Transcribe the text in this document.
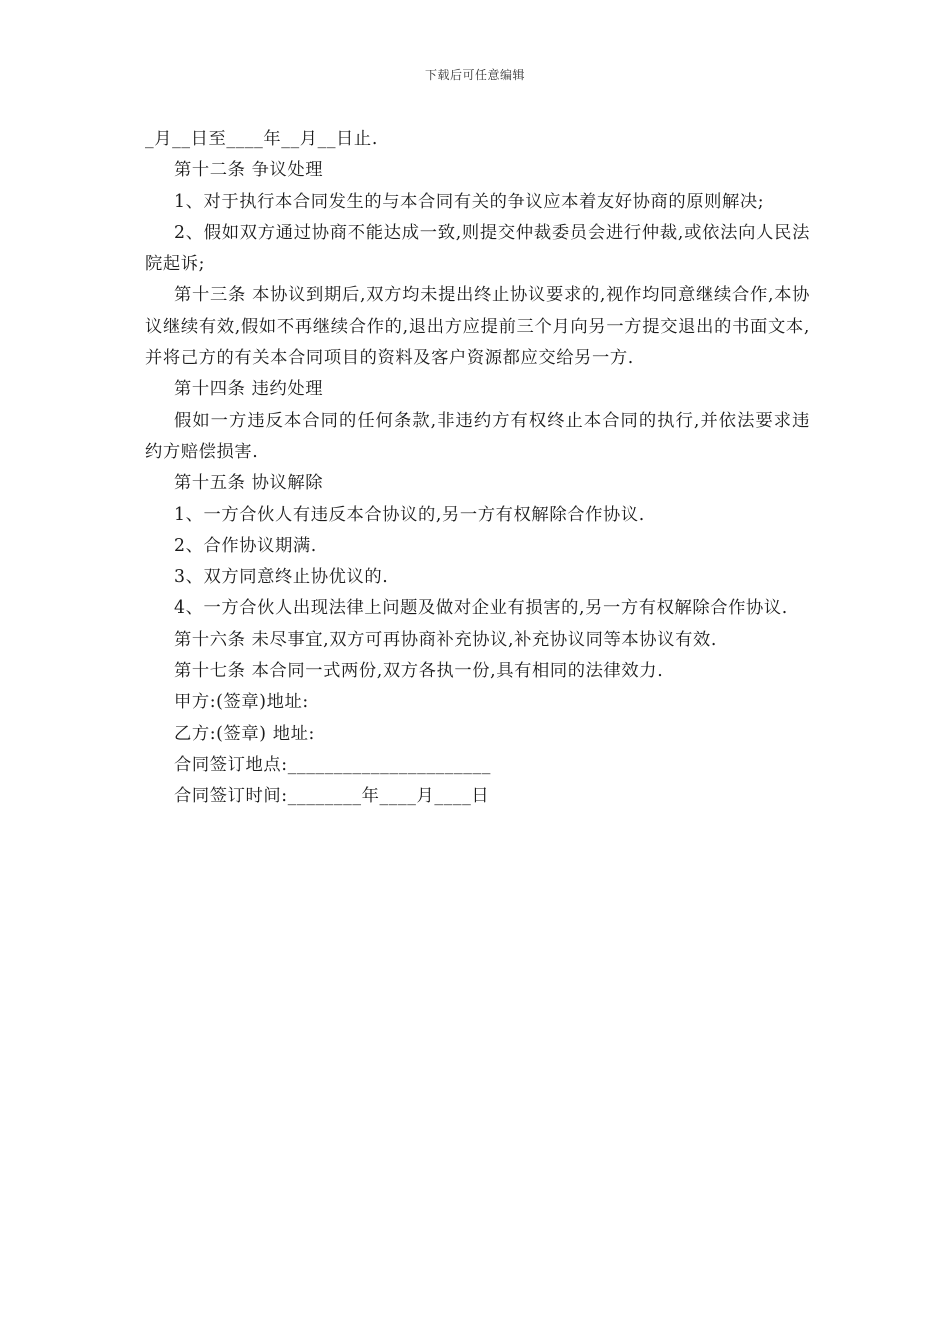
下载后可任意编辑

_月__日至____年__月__日止.

第十二条 争议处理

1、对于执行本合同发生的与本合同有关的争议应本着友好协商的原则解决;

2、假如双方通过协商不能达成一致,则提交仲裁委员会进行仲裁,或依法向人民法院起诉;

第十三条 本协议到期后,双方均未提出终止协议要求的,视作均同意继续合作,本协议继续有效,假如不再继续合作的,退出方应提前三个月向另一方提交退出的书面文本,并将己方的有关本合同项目的资料及客户资源都应交给另一方.

第十四条 违约处理

假如一方违反本合同的任何条款,非违约方有权终止本合同的执行,并依法要求违约方赔偿损害.

第十五条 协议解除

1、一方合伙人有违反本合协议的,另一方有权解除合作协议.

2、合作协议期满.

3、双方同意终止协优议的.

4、一方合伙人出现法律上问题及做对企业有损害的,另一方有权解除合作协议.

第十六条 未尽事宜,双方可再协商补充协议,补充协议同等本协议有效.

第十七条 本合同一式两份,双方各执一份,具有相同的法律效力.

甲方:(签章)地址:

乙方:(签章) 地址:

合同签订地点:______________________

合同签订时间:________年____月____日
